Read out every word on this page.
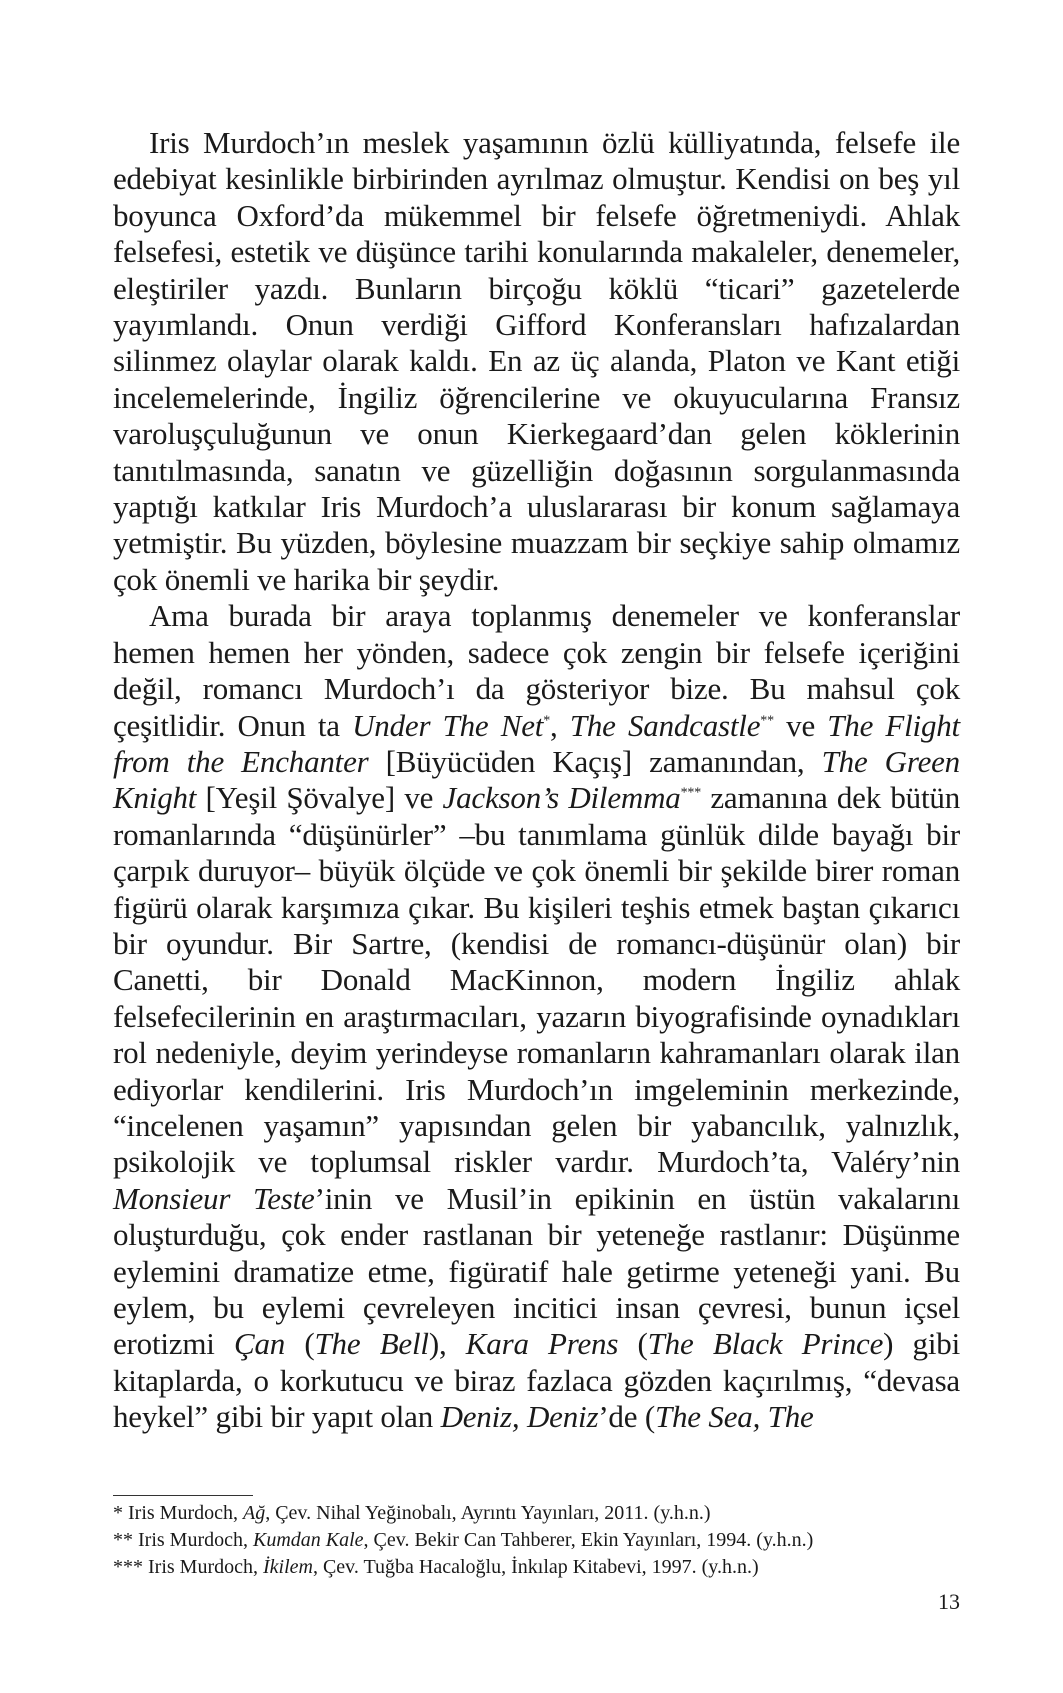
Iris Murdoch’ın meslek yaşamının özlü külliyatında, felsefe ile edebiyat kesinlikle birbirinden ayrılmaz olmuştur. Kendisi on beş yıl boyunca Oxford’da mükemmel bir felsefe öğretmeniydi. Ahlak felsefesi, estetik ve düşünce tarihi konularında makaleler, denemeler, eleştiriler yazdı. Bunların birçoğu köklü “ticari” gazetelerde yayımlandı. Onun verdiği Gifford Konferansları hafızalardan silinmez olaylar olarak kaldı. En az üç alanda, Platon ve Kant etiği incelemelerinde, İngiliz öğrencilerine ve okuyucularına Fransız varoluşçuluğunun ve onun Kierkegaard’dan gelen köklerinin tanıtılmasında, sanatın ve güzelliğin doğasının sorgulanmasında yaptığı katkılar Iris Murdoch’a uluslararası bir konum sağlamaya yetmiştir. Bu yüzden, böylesine muazzam bir seçkiye sahip olmamız çok önemli ve harika bir şeydir.

Ama burada bir araya toplanmış denemeler ve konferanslar hemen hemen her yönden, sadece çok zengin bir felsefe içeriğini değil, romancı Murdoch’ı da gösteriyor bize. Bu mahsul çok çeşitlidir. Onun ta Under The Net*, The Sandcastle** ve The Flight from the Enchanter [Büyücüden Kaçış] zamanından, The Green Knight [Yeşil Şövalye] ve Jackson’s Dilemma*** zamanına dek bütün romanlarında “düşünürler” –bu tanımlama günlük dilde bayağı bir çarpık duruyor– büyük ölçüde ve çok önemli bir şekilde birer roman figürü olarak karşımıza çıkar. Bu kişileri teşhis etmek baştan çıkarıcı bir oyundur. Bir Sartre, (kendisi de romancı-düşünür olan) bir Canetti, bir Donald MacKinnon, modern İngiliz ahlak felsefecilerinin en araştırmacıları, yazarın biyografisinde oynadıkları rol nedeniyle, deyim yerindeyse romanların kahramanları olarak ilan ediyorlar kendilerini. Iris Murdoch’ın imgeleminin merkezinde, “incelenen yaşamın” yapısından gelen bir yabancılık, yalnızlık, psikolojik ve toplumsal riskler vardır. Murdoch’ta, Valéry’nin Monsieur Teste’inin ve Musil’in epikinin en üstün vakalarını oluşturduğu, çok ender rastlanan bir yeteneğe rastlanır: Düşünme eylemini dramatize etme, figüratif hale getirme yeteneği yani. Bu eylem, bu eylemi çevreleyen incitici insan çevresi, bunun içsel erotizmi Çan (The Bell), Kara Prens (The Black Prince) gibi kitaplarda, o korkutucu ve biraz fazlaca gözden kaçırılmış, “devasa heykel” gibi bir yapıt olan Deniz, Deniz’de (The Sea, The

* Iris Murdoch, Ağ, Çev. Nihal Yeğinobalı, Ayrıntı Yayınları, 2011. (y.h.n.)

** Iris Murdoch, Kumdan Kale, Çev. Bekir Can Tahberer, Ekin Yayınları, 1994. (y.h.n.)

*** Iris Murdoch, İkilem, Çev. Tuğba Hacaloğlu, İnkılap Kitabevi, 1997. (y.h.n.)

13
